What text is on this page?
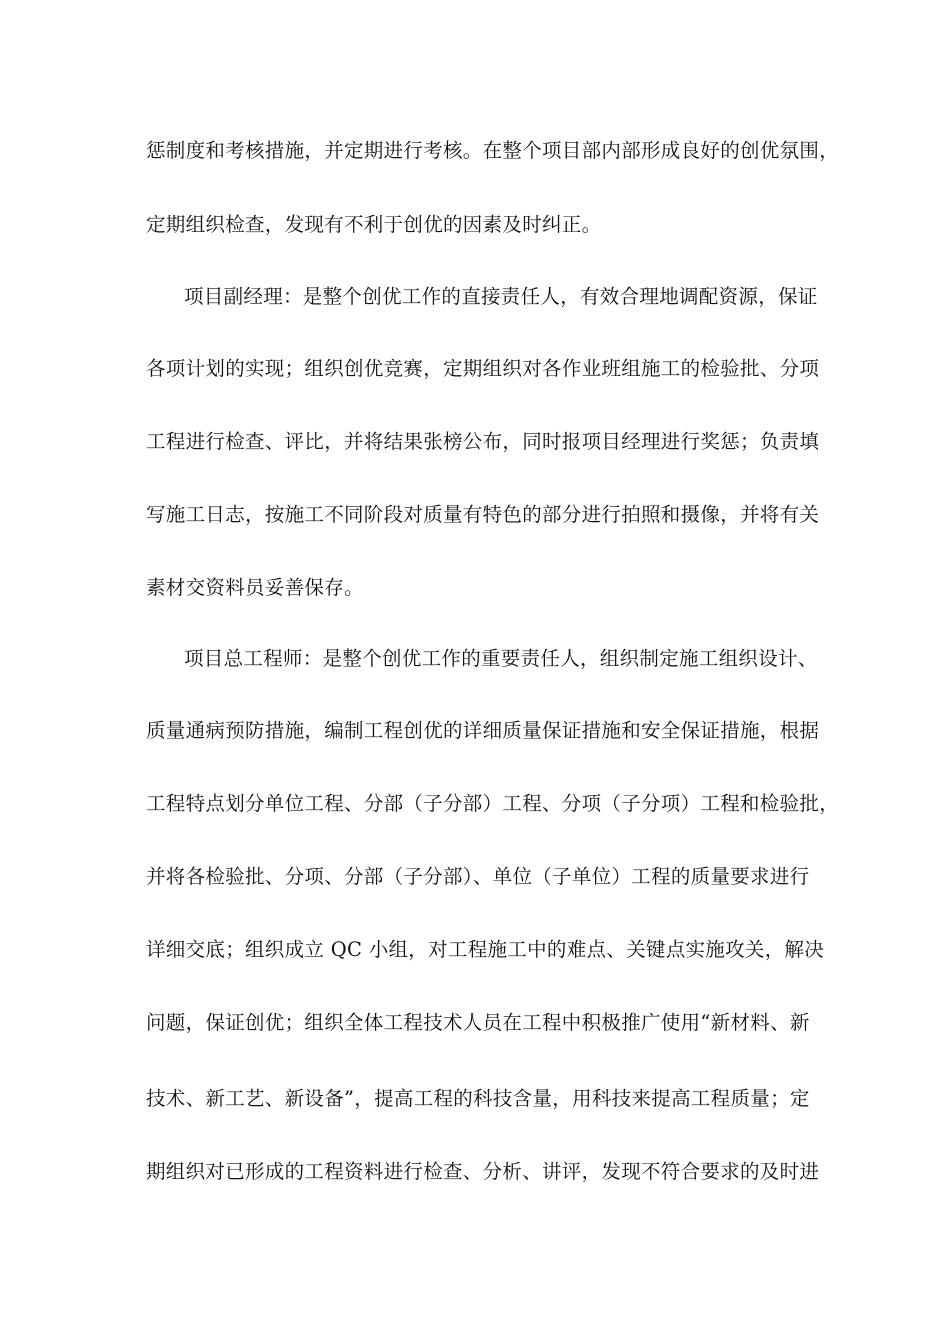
惩制度和考核措施，并定期进行考核。在整个项目部内部形成良好的创优氛围，
定期组织检查，发现有不利于创优的因素及时纠正。
项目副经理：是整个创优工作的直接责任人，有效合理地调配资源，保证
各项计划的实现；组织创优竞赛，定期组织对各作业班组施工的检验批、分项
工程进行检查、评比，并将结果张榜公布，同时报项目经理进行奖惩；负责填
写施工日志，按施工不同阶段对质量有特色的部分进行拍照和摄像，并将有关
素材交资料员妥善保存。
项目总工程师：是整个创优工作的重要责任人，组织制定施工组织设计、
质量通病预防措施，编制工程创优的详细质量保证措施和安全保证措施，根据
工程特点划分单位工程、分部（子分部）工程、分项（子分项）工程和检验批，
并将各检验批、分项、分部（子分部）、单位（子单位）工程的质量要求进行
详细交底；组织成立 QC 小组，对工程施工中的难点、关键点实施攻关，解决
问题，保证创优；组织全体工程技术人员在工程中积极推广使用“新材料、新
技术、新工艺、新设备”，提高工程的科技含量，用科技来提高工程质量；定
期组织对已形成的工程资料进行检查、分析、讲评，发现不符合要求的及时进
